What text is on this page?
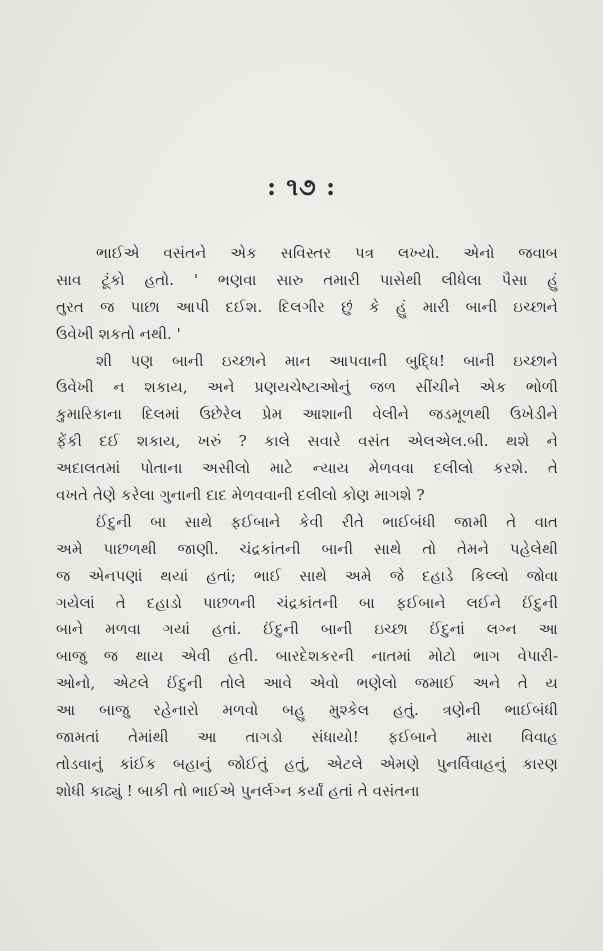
: ૧૭ :
ભાઈએ વસંતને એક સવિસ્તર પત્ર લખ્યો. એનો જવાબ
સાવ ટૂંકો હતો. ' ભણવા સારુ તમારી પાસેથી લીધેલા પૈસા હું
તુરત જ પાછા આપી દઈશ. દિલગીર છું કે હું મારી બાની ઇચ્છાને
ઉવેખી શકતો નથી. '
શી પણ બાની ઇચ્છાને માન આપવાની બુદ્ધિ! બાની ઇચ્છાને
ઉવેખી ન શકાય, અને પ્રણયચેષ્ટાઓનું જળ સીંચીને એક ભોળી
કુમારિકાના દિલમાં ઉછેરેલ પ્રેમ આશાની વેલીને જડમૂળથી ઉખેડીને
ફેંકી દઈ શકાય, ખરું ? કાલે સવારે વસંત એલએલ.બી. થશે ને
અદાલતમાં પોતાના અસીલો માટે ન્યાય મેળવવા દલીલો કરશે. તે
વખતે તેણે કરેલા ગુનાની દાદ મેળવવાની દલીલો કોણ માગશે ?
ઈંદુની બા સાથે ફઈબાને કેવી રીતે ભાઈબંધી જામી તે વાત
અમે પાછળથી જાણી. ચંદ્રકાંતની બાની સાથે તો તેમને પહેલેથી
જ એનપણાં થયાં હતાં; ભાઈ સાથે અમે જે દહાડે કિલ્લો જોવા
ગયેલાં તે દહાડો પાછળની ચંદ્રકાંતની બા ફઈબાને લઈને ઈંદુની
બાને મળવા ગયાં હતાં. ઈંદુની બાની ઇચ્છા ઈંદુનાં લગ્ન આ
બાજુ જ થાય એવી હતી. બારદેશકરની નાતમાં મોટો ભાગ વેપારી-
ઓનો, એટલે ઈંદુની તોલે આવે એવો ભણેલો જમાઈ અને તે ય
આ બાજુ રહેનારો મળવો બહુ મુશ્કેલ હતું. ત્રણેની ભાઈબંધી
જામતાં તેમાંથી આ તાગડો સંધાયો! ફઈબાને મારા વિવાહ
તોડવાનું કાંઈક બહાનું જોઈતું હતું, એટલે એમણે પુનર્વિવાહનું કારણ
શોધી કાઢ્યું ! બાકી તો ભાઈએ પુનર્લગ્ન કર્યાં હતાં તે વસંતના
